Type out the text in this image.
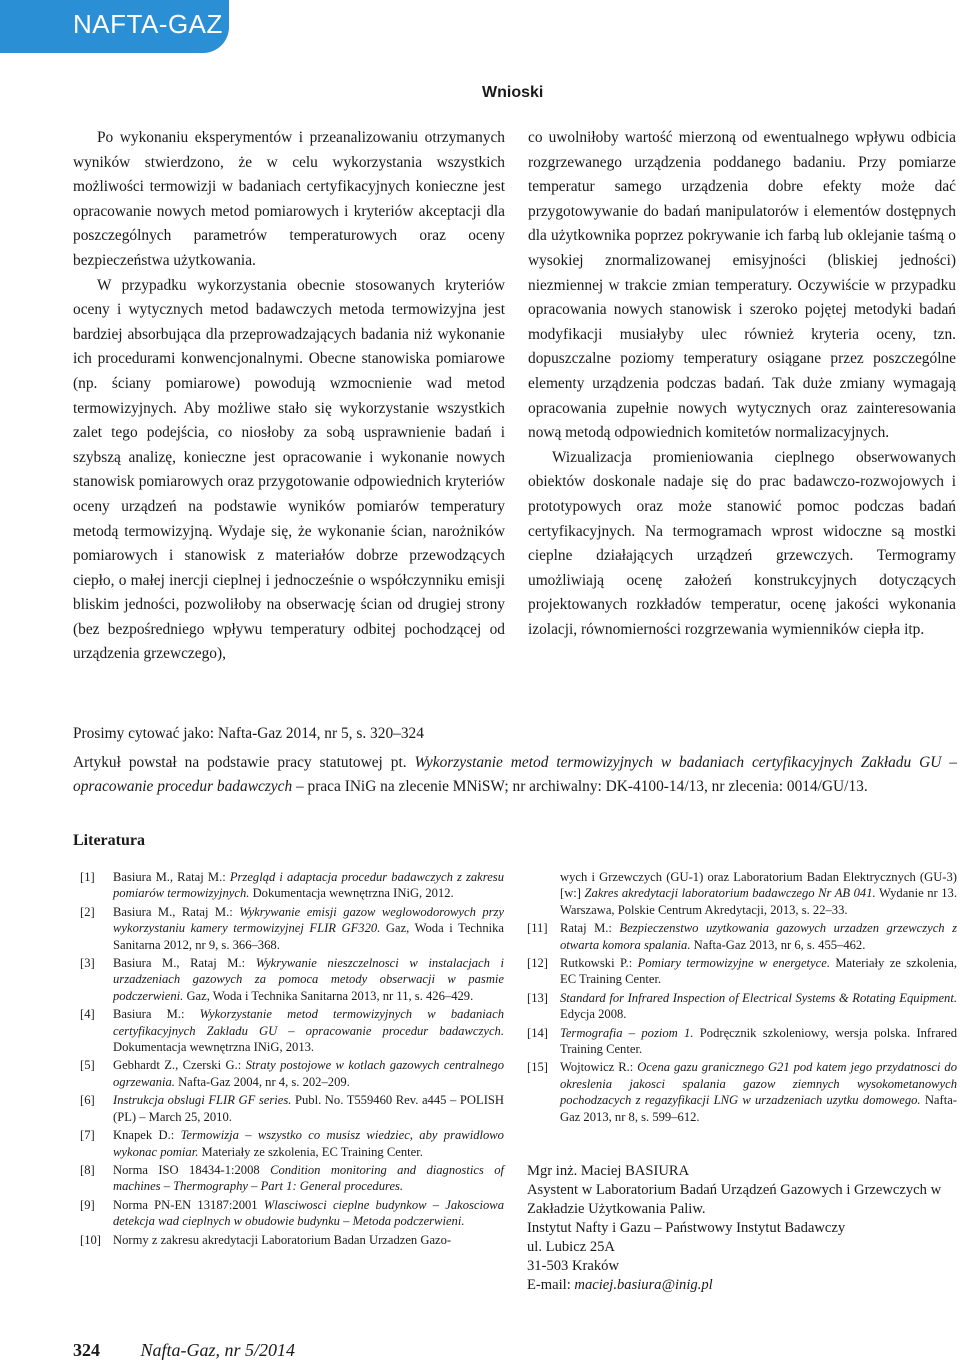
NAFTA-GAZ
Wnioski

Po wykonaniu eksperymentów i przeanalizowaniu otrzymanych wyników stwierdzono, że w celu wykorzystania wszystkich możliwości termowizji w badaniach certyfikacyjnych konieczne jest opracowanie nowych metod pomiarowych i kryteriów akceptacji dla poszczególnych parametrów temperaturowych oraz oceny bezpieczeństwa użytkowania.

W przypadku wykorzystania obecnie stosowanych kryteriów oceny i wytycznych metod badawczych metoda termowizyjna jest bardziej absorbująca dla przeprowadzających badania niż wykonanie ich procedurami konwencjonalnymi. Obecne stanowiska pomiarowe (np. ściany pomiarowe) powodują wzmocnienie wad metod termowizyjnych. Aby możliwe stało się wykorzystanie wszystkich zalet tego podejścia, co niosłoby za sobą usprawnienie badań i szybszą analizę, konieczne jest opracowanie i wykonanie nowych stanowisk pomiarowych oraz przygotowanie odpowiednich kryteriów oceny urządzeń na podstawie wyników pomiarów temperatury metodą termowizyjną. Wydaje się, że wykonanie ścian, narożników pomiarowych i stanowisk z materiałów dobrze przewodzących ciepło, o małej inercji cieplnej i jednocześnie o współczynniku emisji bliskim jedności, pozwoliłoby na obserwację ścian od drugiej strony (bez bezpośredniego wpływu temperatury odbitej pochodzącej od urządzenia grzewczego),

co uwolniłoby wartość mierzoną od ewentualnego wpływu odbicia rozgrzewanego urządzenia poddanego badaniu. Przy pomiarze temperatur samego urządzenia dobre efekty może dać przygotowywanie do badań manipulatorów i elementów dostępnych dla użytkownika poprzez pokrywanie ich farbą lub oklejanie taśmą o wysokiej znormalizowanej emisyjności (bliskiej jedności) niezmiennej w trakcie zmian temperatury. Oczywiście w przypadku opracowania nowych stanowisk i szeroko pojętej metodyki badań modyfikacji musiałyby ulec również kryteria oceny, tzn. dopuszczalne poziomy temperatury osiągane przez poszczególne elementy urządzenia podczas badań. Tak duże zmiany wymagają opracowania zupełnie nowych wytycznych oraz zainteresowania nową metodą odpowiednich komitetów normalizacyjnych.

Wizualizacja promieniowania cieplnego obserwowanych obiektów doskonale nadaje się do prac badawczo-rozwojowych i prototypowych oraz może stanowić pomoc podczas badań certyfikacyjnych. Na termogramach wprost widoczne są mostki cieplne działających urządzeń grzewczych. Termogramy umożliwiają ocenę założeń konstrukcyjnych dotyczących projektowanych rozkładów temperatur, ocenę jakości wykonania izolacji, równomierności rozgrzewania wymienników ciepła itp.

Prosimy cytować jako: Nafta-Gaz 2014, nr 5, s. 320–324
Artykuł powstał na podstawie pracy statutowej pt. Wykorzystanie metod termowizyjnych w badaniach certyfikacyjnych Zakładu GU – opracowanie procedur badawczych – praca INiG na zlecenie MNiSW; nr archiwalny: DK-4100-14/13, nr zlecenia: 0014/GU/13.
Literatura
[1]	Basiura M., Rataj M.: Przegląd i adaptacja procedur badawczych z zakresu pomiarów termowizyjnych. Dokumentacja wewnętrzna INiG, 2012.
[2]	Basiura M., Rataj M.: Wykrywanie emisji gazow weglowodorowych przy wykorzystaniu kamery termowizyjnej FLIR GF320. Gaz, Woda i Technika Sanitarna 2012, nr 9, s. 366–368.
[3]	Basiura M., Rataj M.: Wykrywanie nieszczelnosci w instalacjach i urzadzeniach gazowych za pomoca metody obserwacji w pasmie podczerwieni. Gaz, Woda i Technika Sanitarna 2013, nr 11, s. 426–429.
[4]	Basiura M.: Wykorzystanie metod termowizyjnych w badaniach certyfikacyjnych Zakladu GU – opracowanie procedur badawczych. Dokumentacja wewnętrzna INiG, 2013.
[5]	Gebhardt Z., Czerski G.: Straty postojowe w kotlach gazowych centralnego ogrzewania. Nafta-Gaz 2004, nr 4, s. 202–209.
[6]	Instrukcja obslugi FLIR GF series. Publ. No. T559460 Rev. a445 – POLISH (PL) – March 25, 2010.
[7]	Knapek D.: Termowizja – wszystko co musisz wiedziec, aby prawidlowo wykonac pomiar. Materiały ze szkolenia, EC Training Center.
[8]	Norma ISO 18434-1:2008 Condition monitoring and diagnostics of machines – Thermography – Part 1: General procedures.
[9]	Norma PN-EN 13187:2001 Wlasciwosci cieplne budynkow – Jakosciowa detekcja wad cieplnych w obudowie budynku – Metoda podczerwieni.
[10] Normy z zakresu akredytacji Laboratorium Badan Urzadzen Gazo-
wych i Grzewczych (GU-1) oraz Laboratorium Badan Elektrycznych (GU-3) [w:] Zakres akredytacji laboratorium badawczego Nr AB 041. Wydanie nr 13. Warszawa, Polskie Centrum Akredytacji, 2013, s. 22–33.
[11] Rataj M.: Bezpieczenstwo uzytkowania gazowych urzadzen grzewczych z otwarta komora spalania. Nafta-Gaz 2013, nr 6, s. 455–462.
[12] Rutkowski P.: Pomiary termowizyjne w energetyce. Materiały ze szkolenia, EC Training Center.
[13] Standard for Infrared Inspection of Electrical Systems & Rotating Equipment. Edycja 2008.
[14] Termografia – poziom 1. Podręcznik szkoleniowy, wersja polska. Infrared Training Center.
[15] Wojtowicz R.: Ocena gazu granicznego G21 pod katem jego przydatnosci do okreslenia jakosci spalania gazow ziemnych wysokometanowych pochodzacych z regazyfikacji LNG w urzadzeniach uzytku domowego. Nafta-Gaz 2013, nr 8, s. 599–612.
Mgr inż. Maciej BASIURA
Asystent w Laboratorium Badań Urządzeń Gazowych i Grzewczych w Zakładzie Użytkowania Paliw.
Instytut Nafty i Gazu – Państwowy Instytut Badawczy
ul. Lubicz 25A
31-503 Kraków
E-mail: maciej.basiura@inig.pl
324 Nafta-Gaz, nr 5/2014
